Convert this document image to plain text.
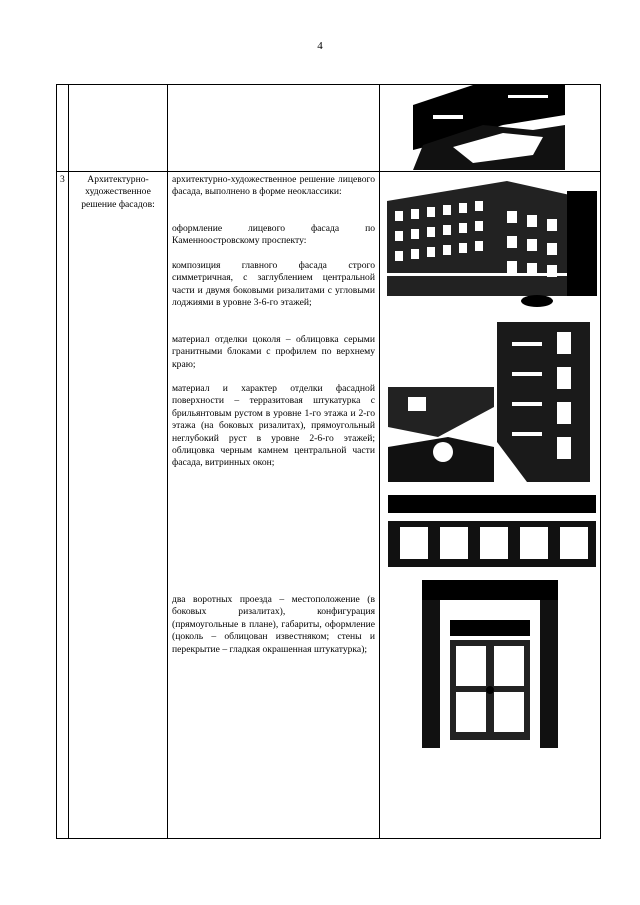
4
3	Архитектурно-художественное решение фасадов:
архитектурно-художественное решение лицевого фасада, выполнено в форме неоклассики:
оформление лицевого фасада по Каменноостровскому проспекту:
композиция главного фасада строго симметричная, с заглублением центральной части и двумя боковыми ризалитами с угловыми лоджиями в уровне 3-6-го этажей;
материал отделки цоколя – облицовка серыми гранитными блоками с профилем по верхнему краю;
материал и характер отделки фасадной поверхности – терразитовая штукатурка с брильянтовым рустом в уровне 1-го этажа и 2-го этажа (на боковых ризалитах), прямоугольный неглубокий руст в уровне 2-6-го этажей; облицовка черным камнем центральной части фасада, витринных окон;
два воротных проезда – местоположение (в боковых ризалитах), конфигурация (прямоугольные в плане), габариты, оформление (цоколь – облицован известняком; стены и перекрытие – гладкая окрашенная штукатурка);
